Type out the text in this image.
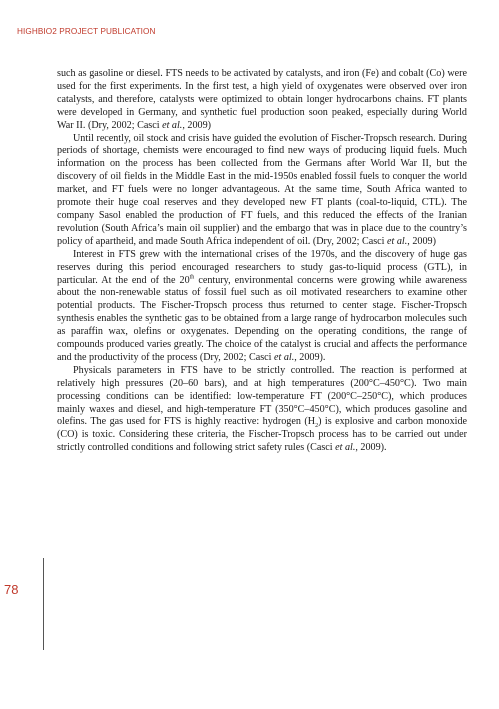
HIGHBIO2 PROJECT PUBLICATION

such as gasoline or diesel. FTS needs to be activated by catalysts, and iron (Fe) and cobalt (Co) were used for the first experiments. In the first test, a high yield of oxygenates were observed over iron catalysts, and therefore, catalysts were optimized to obtain longer hydrocarbons chains. FT plants were developed in Germany, and synthetic fuel production soon peaked, especially during World War II. (Dry, 2002; Casci et al., 2009)

Until recently, oil stock and crisis have guided the evolution of Fischer-Tropsch research. During periods of shortage, chemists were encouraged to find new ways of producing liquid fuels. Much information on the process has been collected from the Germans after World War II, but the discovery of oil fields in the Middle East in the mid-1950s enabled fossil fuels to conquer the world market, and FT fuels were no longer advantageous. At the same time, South Africa wanted to promote their huge coal reserves and they developed new FT plants (coal-to-liquid, CTL). The company Sasol enabled the production of FT fuels, and this reduced the effects of the Iranian revolution (South Africa’s main oil supplier) and the embargo that was in place due to the country’s policy of apartheid, and made South Africa independent of oil. (Dry, 2002; Casci et al., 2009)

Interest in FTS grew with the international crises of the 1970s, and the discovery of huge gas reserves during this period encouraged researchers to study gas-to-liquid process (GTL), in particular. At the end of the 20th century, environmental concerns were growing while awareness about the non-renewable status of fossil fuel such as oil motivated researchers to examine other potential products. The Fischer-Tropsch process thus returned to center stage. Fischer-Tropsch synthesis enables the synthetic gas to be obtained from a large range of hydrocarbon molecules such as paraffin wax, olefins or oxygenates. Depending on the operating conditions, the range of compounds produced varies greatly. The choice of the catalyst is crucial and affects the performance and the productivity of the process (Dry, 2002; Casci et al., 2009).

Physicals parameters in FTS have to be strictly controlled. The reaction is performed at relatively high pressures (20–60 bars), and at high temperatures (200°C–450°C). Two main processing conditions can be identified: low-temperature FT (200°C–250°C), which produces mainly waxes and diesel, and high-temperature FT (350°C–450°C), which produces gasoline and olefins. The gas used for FTS is highly reactive: hydrogen $(H_2)$ is explosive and carbon monoxide (CO) is toxic. Considering these criteria, the Fischer-Tropsch process has to be carried out under strictly controlled conditions and following strict safety rules (Casci et al., 2009).

78
